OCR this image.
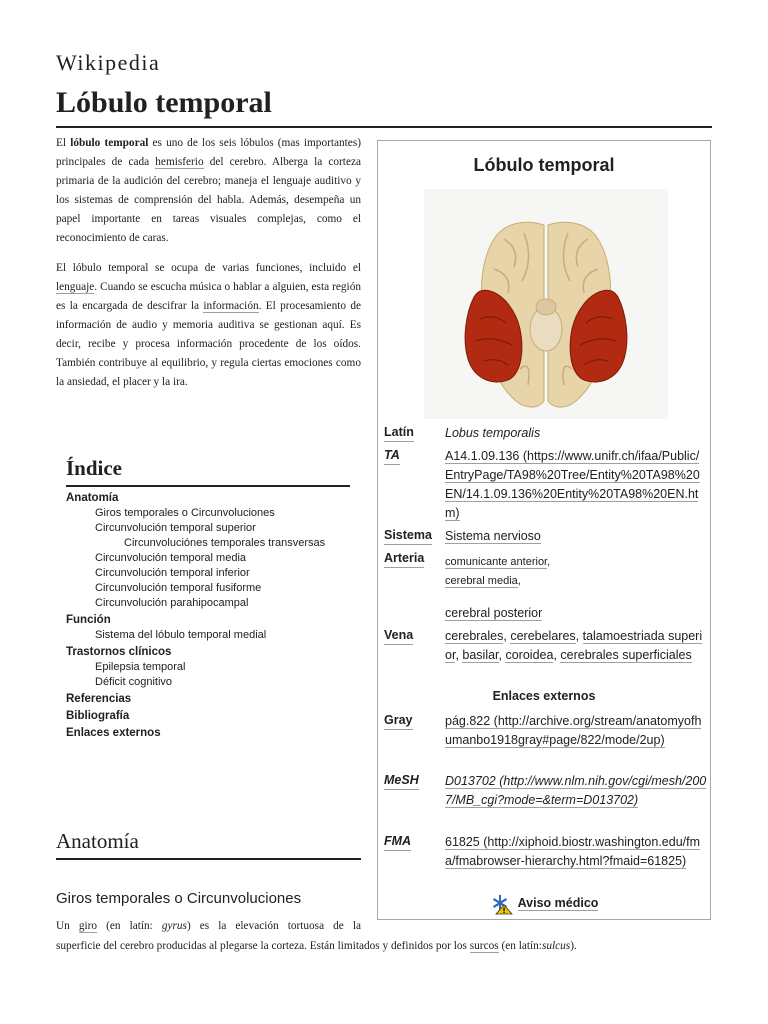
Wikipedia
Lóbulo temporal

El lóbulo temporal es uno de los seis lóbulos (mas importantes) principales de cada hemisferio del cerebro. Alberga la corteza primaria de la audición del cerebro; maneja el lenguaje auditivo y los sistemas de comprensión del habla. Además, desempeña un papel importante en tareas visuales complejas, como el reconocimiento de caras.

El lóbulo temporal se ocupa de varias funciones, incluido el lenguaje. Cuando se escucha música o hablar a alguien, esta región es la encargada de descifrar la información. El procesamiento de información de audio y memoria auditiva se gestionan aquí. Es decir, recibe y procesa información procedente de los oídos. También contribuye al equilibrio, y regula ciertas emociones como la ansiedad, el placer y la ira.

Índice
Anatomía
Giros temporales o Circunvoluciones
Circunvolución temporal superior
Circunvoluciónes temporales transversas
Circunvolución temporal media
Circunvolución temporal inferior
Circunvolución temporal fusiforme
Circunvolución parahipocampal
Función
Sistema del lóbulo temporal medial
Trastornos clínicos
Epilepsia temporal
Déficit cognitivo
Referencias
Bibliografía
Enlaces externos
Anatomía
Giros temporales o Circunvoluciones
Un giro (en latín: gyrus) es la elevación tortuosa de la
superficie del cerebro producidas al plegarse la corteza. Están limitados y definidos por los surcos (en latín:sulcus).
Lóbulo temporal
Latín Lobus temporalis
TA	A14.1.09.136 (https://www.unifr.ch/ifaa/Public/EntryPage/TA98%20Tree/Entity%20TA98%20EN/14.1.09.136%20Entity%20TA98%20EN.htm)
Sistema Sistema nervioso
Arteria comunicante anterior,
cerebral media,
cerebral posterior
Vena	cerebrales, cerebelares, talamoestriada superior, basilar, coroidea, cerebrales superficiales
Enlaces externos
Gray	pág.822 (http://archive.org/stream/anatomyofhumanbo1918gray#page/822/mode/2up)
MeSH D013702 (http://www.nlm.nih.gov/cgi/mesh/2007/MB_cgi?mode=&term=D013702)
FMA	61825 (http://xiphoid.biostr.washington.edu/fma/fmabrowser-hierarchy.html?fmaid=61825)
Aviso médico
